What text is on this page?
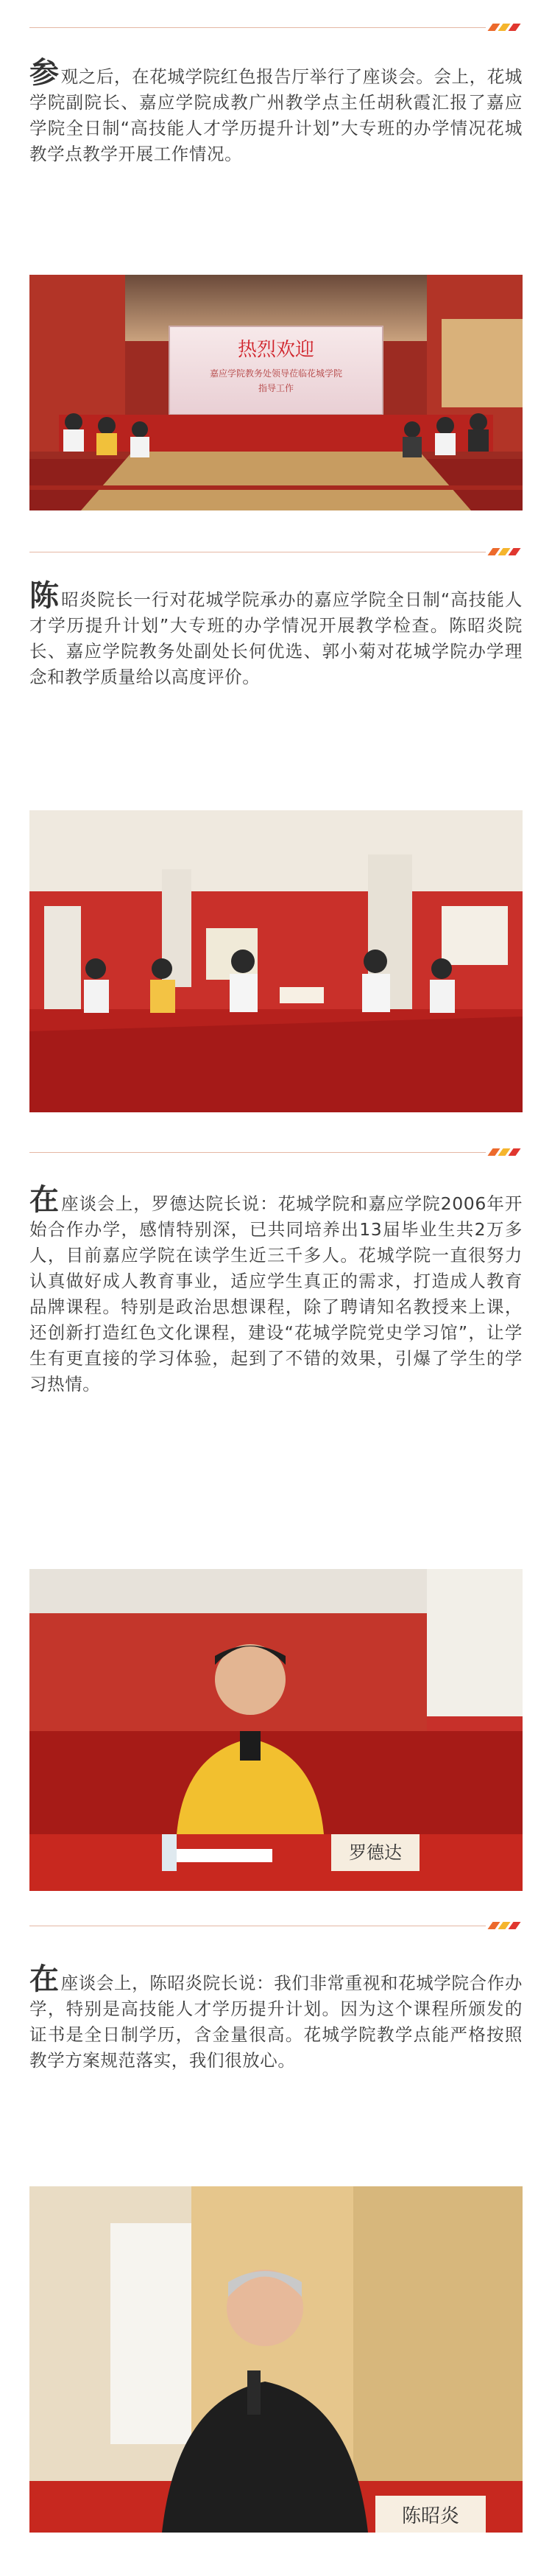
参观之后，在花城学院红色报告厅举行了座谈会。会上，花城学院副院长、嘉应学院成教广州教学点主任胡秋霞汇报了嘉应学院全日制“高技能人才学历提升计划”大专班的办学情况花城教学点教学开展工作情况。

热烈欢迎
嘉应学院教务处领导莅临花城学院
指导工作

陈昭炎院长一行对花城学院承办的嘉应学院全日制“高技能人才学历提升计划”大专班的办学情况开展教学检查。陈昭炎院长、嘉应学院教务处副处长何优选、郭小菊对花城学院办学理念和教学质量给以高度评价。

在座谈会上，罗德达院长说：花城学院和嘉应学院2006年开始合作办学，感情特别深，已共同培养出13届毕业生共2万多人，目前嘉应学院在读学生近三千多人。花城学院一直很努力认真做好成人教育事业，适应学生真正的需求，打造成人教育品牌课程。特别是政治思想课程，除了聘请知名教授来上课，还创新打造红色文化课程，建设“花城学院党史学习馆”，让学生有更直接的学习体验，起到了不错的效果，引爆了学生的学习热情。

罗德达

在座谈会上，陈昭炎院长说：我们非常重视和花城学院合作办学，特别是高技能人才学历提升计划。因为这个课程所颁发的证书是全日制学历，含金量很高。花城学院教学点能严格按照教学方案规范落实，我们很放心。

陈昭炎
